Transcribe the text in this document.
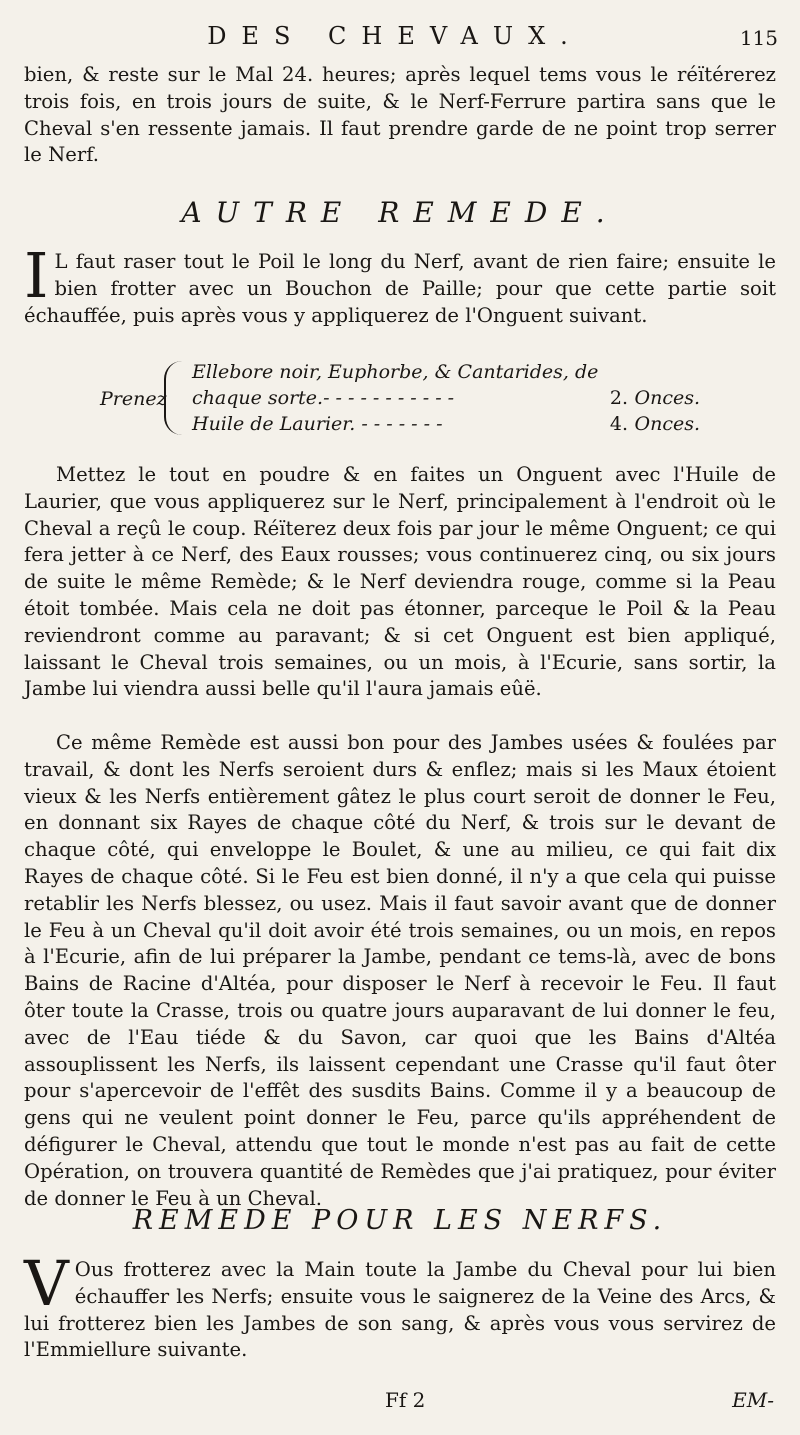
DES CHEVAUX.	115
bien, & reste sur le Mal 24. heures; après lequel tems vous le réïtérerez trois fois, en trois jours de suite, & le Nerf-Ferrure partira sans que le Cheval s'en ressente jamais. Il faut prendre garde de ne point trop serrer le Nerf.
AUTRE REMEDE.
I L faut raser tout le Poil le long du Nerf, avant de rien faire; ensuite le bien frotter avec un Bouchon de Paille; pour que cette partie soit échauffée, puis après vous y appliquerez de l'Onguent suivant.
Prenez
Ellebore noir, Euphorbe, & Cantarides, de
chaque sorte.- - - - - - - - - - -	2. Onces.
Huile de Laurier. - - - - - - -	4. Onces.
Mettez le tout en poudre & en faites un Onguent avec l'Huile de Laurier, que vous appliquerez sur le Nerf, principalement à l'endroit où le Cheval a reçû le coup. Réïterez deux fois par jour le même Onguent; ce qui fera jetter à ce Nerf, des Eaux rousses; vous continuerez cinq, ou six jours de suite le même Remède; & le Nerf deviendra rouge, comme si la Peau étoit tombée. Mais cela ne doit pas étonner, parceque le Poil & la Peau reviendront comme au paravant; & si cet Onguent est bien appliqué, laissant le Cheval trois semaines, ou un mois, à l'Ecurie, sans sortir, la Jambe lui viendra aussi belle qu'il l'aura jamais eûë.
Ce même Remède est aussi bon pour des Jambes usées & foulées par travail, & dont les Nerfs seroient durs & enflez; mais si les Maux étoient vieux & les Nerfs entièrement gâtez le plus court seroit de donner le Feu, en donnant six Rayes de chaque côté du Nerf, & trois sur le devant de chaque côté, qui enveloppe le Boulet, & une au milieu, ce qui fait dix Rayes de chaque côté. Si le Feu est bien donné, il n'y a que cela qui puisse retablir les Nerfs blessez, ou usez. Mais il faut savoir avant que de donner le Feu à un Cheval qu'il doit avoir été trois semaines, ou un mois, en repos à l'Ecurie, afin de lui préparer la Jambe, pendant ce tems-là, avec de bons Bains de Racine d'Altéa, pour disposer le Nerf à recevoir le Feu. Il faut ôter toute la Crasse, trois ou quatre jours auparavant de lui donner le feu, avec de l'Eau tiéde & du Savon, car quoi que les Bains d'Altéa assouplissent les Nerfs, ils laissent cependant une Crasse qu'il faut ôter pour s'apercevoir de l'effêt des susdits Bains. Comme il y a beaucoup de gens qui ne veulent point donner le Feu, parce qu'ils appréhendent de défigurer le Cheval, attendu que tout le monde n'est pas au fait de cette Opération, on trouvera quantité de Remèdes que j'ai pratiquez, pour éviter de donner le Feu à un Cheval.
REMEDE POUR LES NERFS.
V Ous frotterez avec la Main toute la Jambe du Cheval pour lui bien échauffer les Nerfs; ensuite vous le saignerez de la Veine des Arcs, & lui frotterez bien les Jambes de son sang, & après vous vous servirez de l'Emmiellure suivante.
Ff 2	EM-
